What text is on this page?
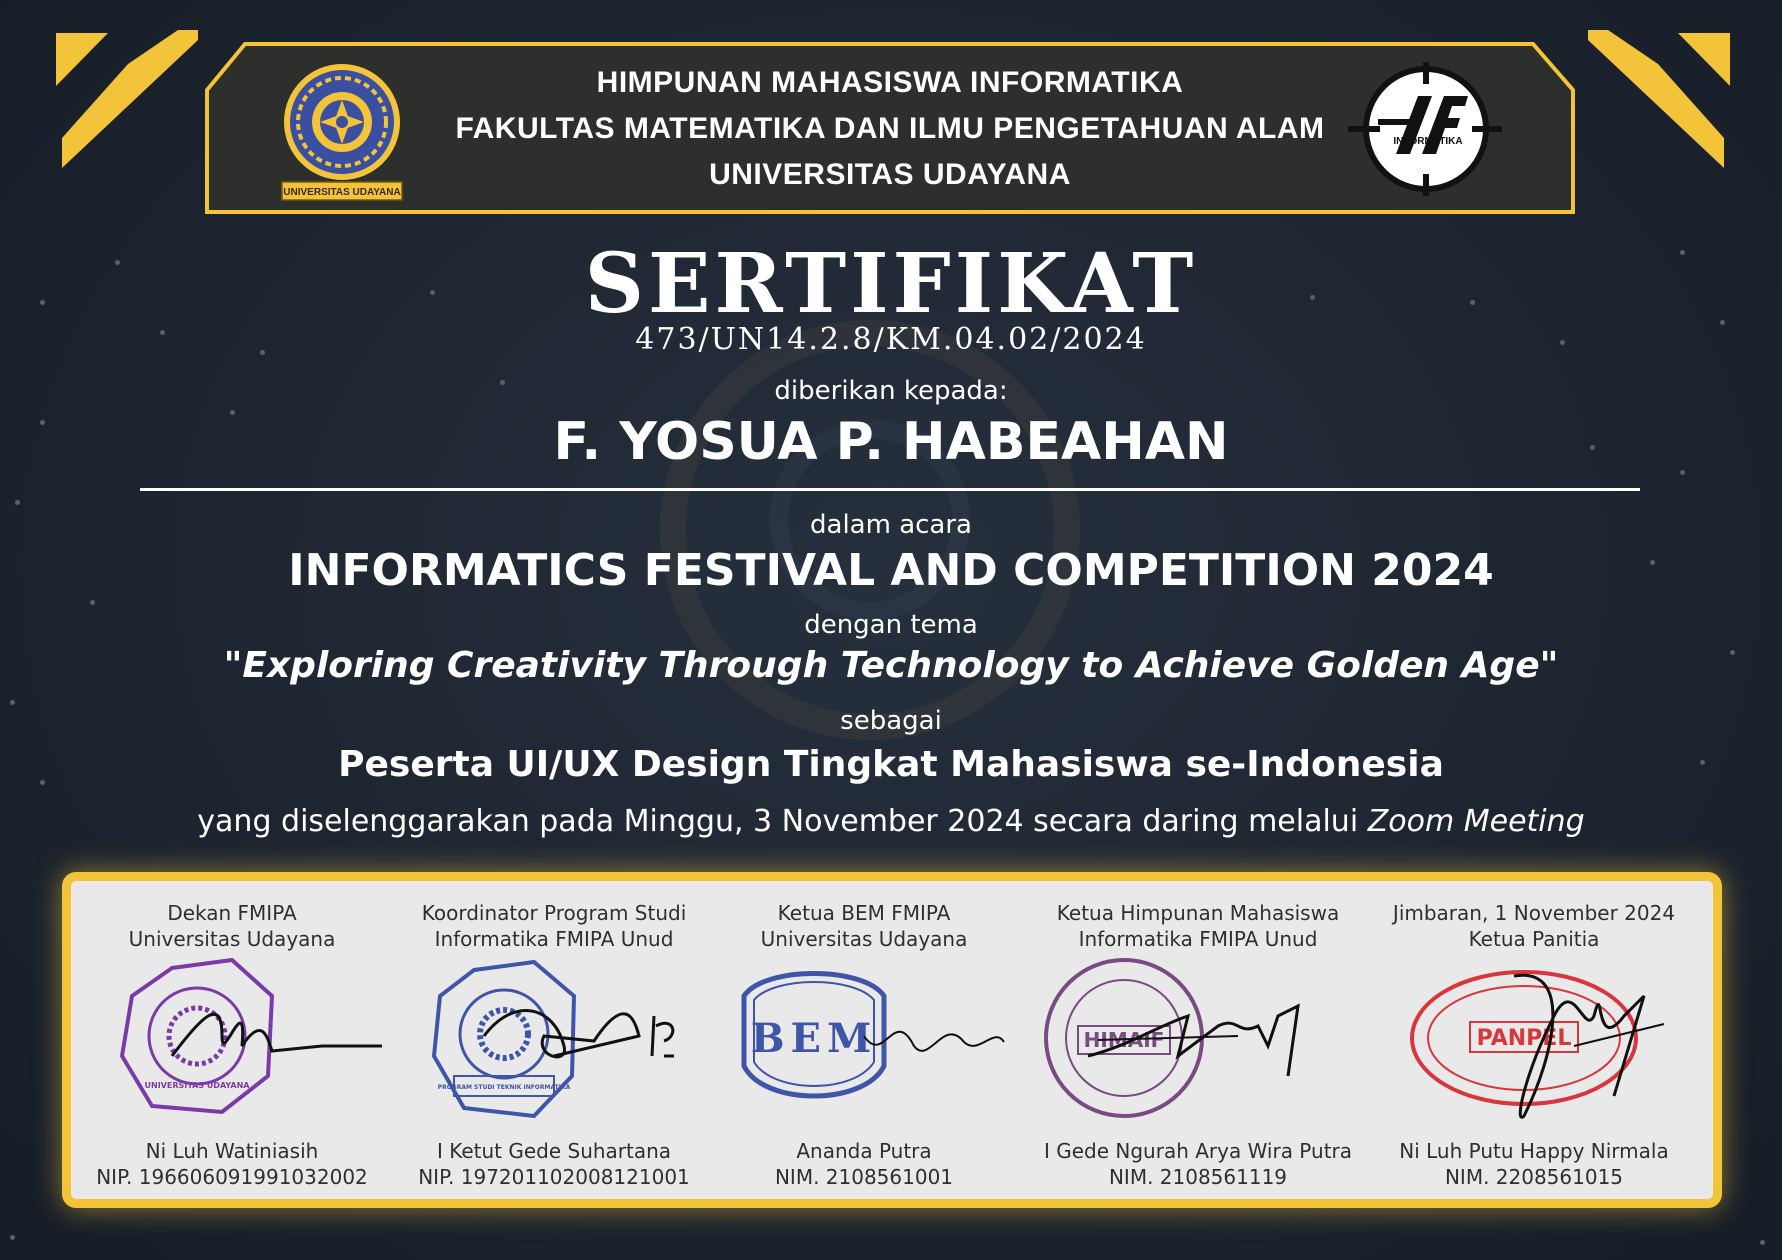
UNIVERSITAS UDAYANA
INFORMATIKA
HIMPUNAN MAHASISWA INFORMATIKA
FAKULTAS MATEMATIKA DAN ILMU PENGETAHUAN ALAM
UNIVERSITAS UDAYANA
SERTIFIKAT
473/UN14.2.8/KM.04.02/2024
diberikan kepada:
F. YOSUA P. HABEAHAN
dalam acara
INFORMATICS FESTIVAL AND COMPETITION 2024
dengan tema
"Exploring Creativity Through Technology to Achieve Golden Age"
sebagai
Peserta UI/UX Design Tingkat Mahasiswa se-Indonesia
yang diselenggarakan pada Minggu, 3 November 2024 secara daring melalui Zoom Meeting
Dekan FMIPA
Universitas Udayana
UNIVERSITAS UDAYANA
Ni Luh Watiniasih
NIP. 196606091991032002
Koordinator Program Studi
Informatika FMIPA Unud
PROGRAM STUDI TEKNIK INFORMATIKA
I Ketut Gede Suhartana
NIP. 197201102008121001
Ketua BEM FMIPA
Universitas Udayana
BEM
Ananda Putra
NIM. 2108561001
Ketua Himpunan Mahasiswa
Informatika FMIPA Unud
HIMAIF
I Gede Ngurah Arya Wira Putra
NIM. 2108561119
Jimbaran, 1 November 2024
Ketua Panitia
PANPEL
Ni Luh Putu Happy Nirmala
NIM. 2208561015
